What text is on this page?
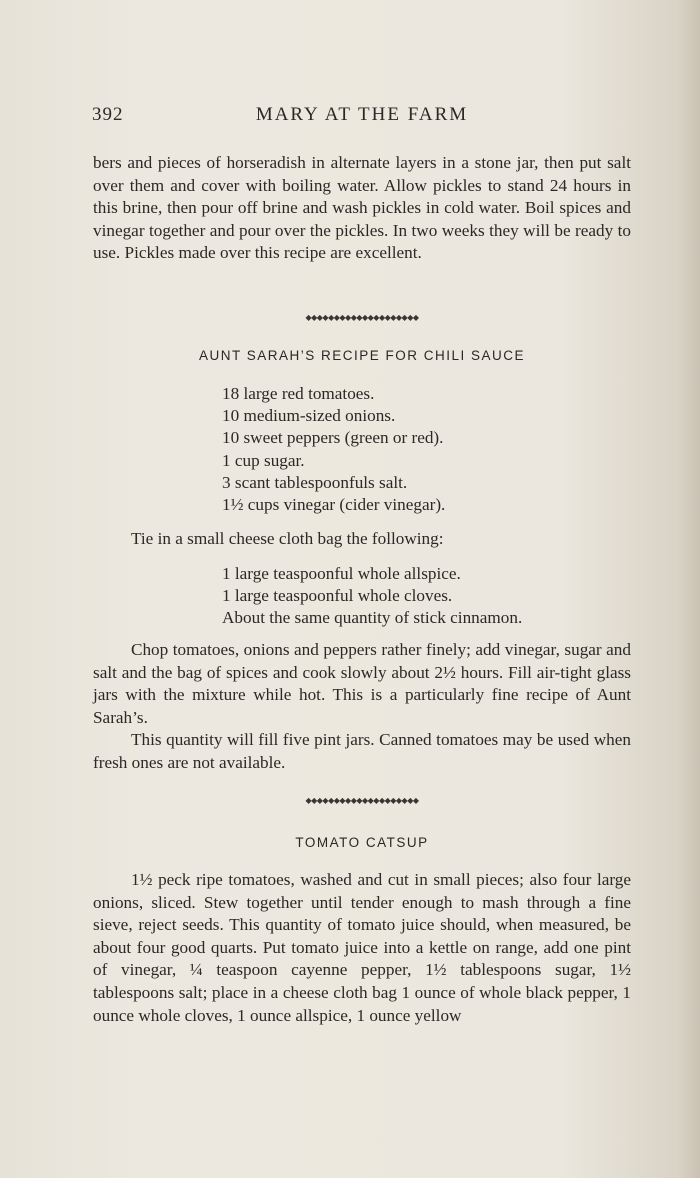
392	MARY AT THE FARM
bers and pieces of horseradish in alternate layers in a stone jar, then put salt over them and cover with boiling water. Allow pickles to stand 24 hours in this brine, then pour off brine and wash pickles in cold water. Boil spices and vinegar together and pour over the pickles. In two weeks they will be ready to use. Pickles made over this recipe are excellent.
◆◆◆◆◆◆◆◆◆◆◆◆◆◆◆◆◆◆◆◆
AUNT SARAH’S RECIPE FOR CHILI SAUCE
18 large red tomatoes.
10 medium-sized onions.
10 sweet peppers (green or red).
1 cup sugar.
3 scant tablespoonfuls salt.
1½ cups vinegar (cider vinegar).
Tie in a small cheese cloth bag the following:
1 large teaspoonful whole allspice.
1 large teaspoonful whole cloves.
About the same quantity of stick cinnamon.
Chop tomatoes, onions and peppers rather finely; add vinegar, sugar and salt and the bag of spices and cook slowly about 2½ hours. Fill air-tight glass jars with the mixture while hot. This is a particularly fine recipe of Aunt Sarah’s.
This quantity will fill five pint jars. Canned tomatoes may be used when fresh ones are not available.
◆◆◆◆◆◆◆◆◆◆◆◆◆◆◆◆◆◆◆◆
TOMATO CATSUP
1½ peck ripe tomatoes, washed and cut in small pieces; also four large onions, sliced. Stew together until tender enough to mash through a fine sieve, reject seeds. This quantity of tomato juice should, when measured, be about four good quarts. Put tomato juice into a kettle on range, add one pint of vinegar, ¼ teaspoon cayenne pepper, 1½ tablespoons sugar, 1½ tablespoons salt; place in a cheese cloth bag 1 ounce of whole black pepper, 1 ounce whole cloves, 1 ounce allspice, 1 ounce yellow
